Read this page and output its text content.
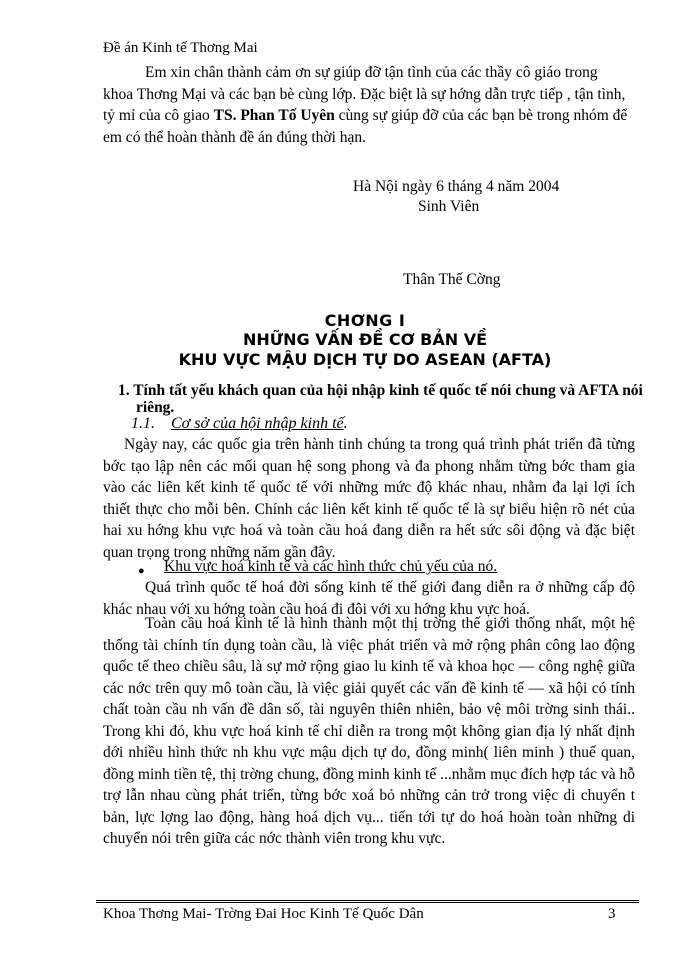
Đề án Kinh tế Thơng Mai
Em xin chân thành cảm ơn sự giúp đỡ tận tình của các thầy cô giáo trong khoa Thơng Mại và các bạn bè cùng lớp. Đặc biệt là sự hớng dẫn trực tiếp , tận tình, tỷ mỉ của cô giao TS. Phan Tố Uyên cùng sự giúp đỡ của các bạn bè trong nhóm để em có thể hoàn thành đề án đúng thời hạn.
Hà Nội ngày 6 tháng 4 năm 2004
Sinh Viên
Thân Thế Cờng
CHƠNG I
NHỮNG VẤN ĐỀ CƠ BẢN VỀ
KHU VỰC MẬU DỊCH TỰ DO ASEAN (AFTA)
1. Tính tất yếu khách quan của hội nhập kinh tế quốc tế nói chung và AFTA nói riêng.
1.1. Cơ sở của hội nhập kinh tế.
Ngày nay, các quốc gia trên hành tinh chúng ta trong quá trình phát triển đã từng bớc tạo lập nên các mối quan hệ song phong và đa phong nhằm từng bớc tham gia vào các liên kết kinh tế quốc tế với những mức độ khác nhau, nhằm đa lại lợi ích thiết thực cho mỗi bên. Chính các liên kết kinh tế quốc tế là sự biểu hiện rõ nét của hai xu hớng khu vực hoá và toàn cầu hoá đang diễn ra hết sức sôi động và đặc biệt quan trọng trong những năm gần đây.
● Khu vực hoá kinh tế và các hình thức chủ yếu của nó.
Quá trình quốc tế hoá đời sống kinh tế thế giới đang diễn ra ở những cấp độ khác nhau với xu hớng toàn cầu hoá đi đôi với xu hớng khu vực hoá.
Toàn cầu hoá kinh tế là hình thành một thị trờng thế giới thống nhất, một hệ thống tài chính tín dụng toàn cầu, là việc phát triển và mở rộng phân công lao động quốc tế theo chiều sâu, là sự mở rộng giao lu kinh tế và khoa học — công nghệ giữa các nớc trên quy mô toàn cầu, là việc giải quyết các vấn đề kinh tế — xã hội có tính chất toàn cầu nh vấn đề dân số, tài nguyên thiên nhiên, bảo vệ môi trờng sinh thái.. Trong khi đó, khu vực hoá kinh tế chỉ diễn ra trong một không gian địa lý nhất định dới nhiều hình thức nh khu vực mậu dịch tự do, đồng minh( liên minh ) thuế quan, đồng minh tiền tệ, thị trờng chung, đồng minh kinh tế ...nhằm mục đích hợp tác và hỗ trợ lẫn nhau cùng phát triển, từng bớc xoá bỏ những cản trở trong việc di chuyển t bản, lực lợng lao động, hàng hoá dịch vụ... tiến tới tự do hoá hoàn toàn những di chuyển nói trên giữa các nớc thành viên trong khu vực.
Khoa Thơng Mai- Trờng Đai Hoc Kinh Tế Quốc Dân	3
